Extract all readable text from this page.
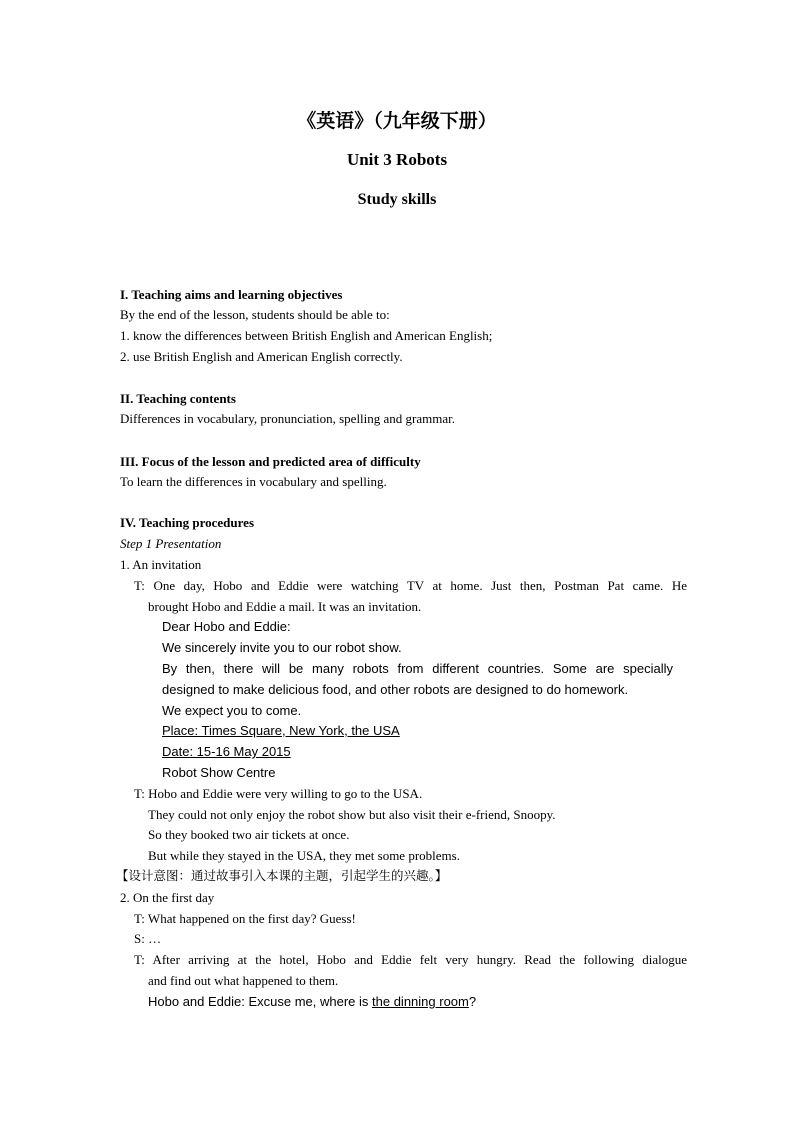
《英语》（九年级下册）
Unit 3 Robots
Study skills
I. Teaching aims and learning objectives
By the end of the lesson, students should be able to:
1. know the differences between British English and American English;
2. use British English and American English correctly.
II. Teaching contents
Differences in vocabulary, pronunciation, spelling and grammar.
III. Focus of the lesson and predicted area of difficulty
To learn the differences in vocabulary and spelling.
IV. Teaching procedures
Step 1 Presentation
1. An invitation
T: One day, Hobo and Eddie were watching TV at home. Just then, Postman Pat came. He
brought Hobo and Eddie a mail. It was an invitation.
Dear Hobo and Eddie:
We sincerely invite you to our robot show.
By then, there will be many robots from different countries. Some are specially
designed to make delicious food, and other robots are designed to do homework.
We expect you to come.
Place: Times Square, New York, the USA
Date: 15-16 May 2015
Robot Show Centre
T: Hobo and Eddie were very willing to go to the USA.
They could not only enjoy the robot show but also visit their e-friend, Snoopy.
So they booked two air tickets at once.
But while they stayed in the USA, they met some problems.
【设计意图：通过故事引入本课的主题，引起学生的兴趣。】
2. On the first day
T: What happened on the first day? Guess!
S: …
T: After arriving at the hotel, Hobo and Eddie felt very hungry. Read the following dialogue
and find out what happened to them.
Hobo and Eddie: Excuse me, where is the dinning room?
